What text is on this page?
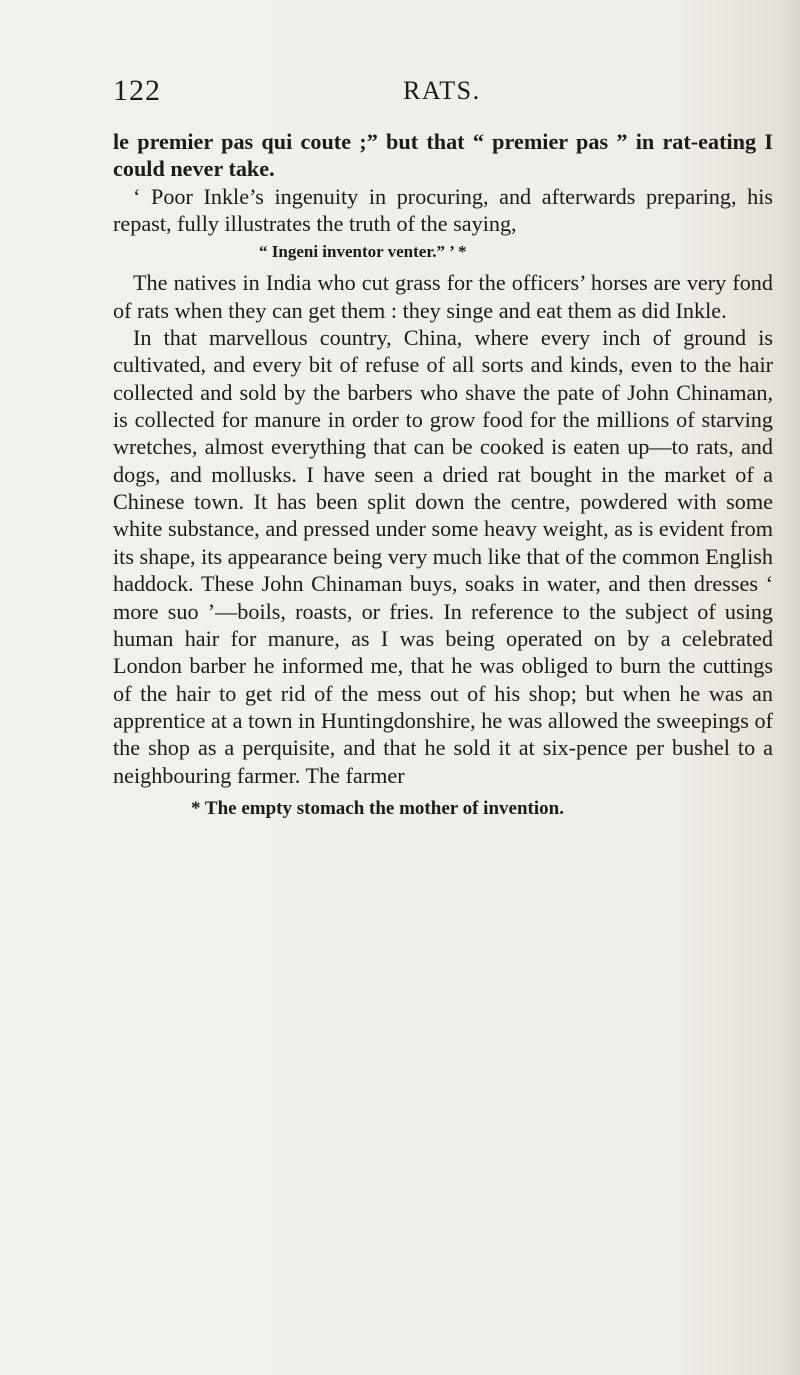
122	RATS.

le premier pas qui coute ;” but that “ premier pas ” in rat-eating I could never take.

‘ Poor Inkle’s ingenuity in procuring, and afterwards preparing, his repast, fully illustrates the truth of the saying,

“ Ingeni inventor venter.” ’ *

The natives in India who cut grass for the officers’ horses are very fond of rats when they can get them : they singe and eat them as did Inkle.

In that marvellous country, China, where every inch of ground is cultivated, and every bit of refuse of all sorts and kinds, even to the hair collected and sold by the barbers who shave the pate of John Chinaman, is collected for manure in order to grow food for the millions of starving wretches, almost everything that can be cooked is eaten up—to rats, and dogs, and mollusks. I have seen a dried rat bought in the market of a Chinese town. It has been split down the centre, powdered with some white substance, and pressed under some heavy weight, as is evident from its shape, its appearance being very much like that of the common English haddock. These John Chinaman buys, soaks in water, and then dresses ‘ more suo ’—boils, roasts, or fries. In reference to the subject of using human hair for manure, as I was being operated on by a celebrated London barber he informed me, that he was obliged to burn the cuttings of the hair to get rid of the mess out of his shop; but when he was an apprentice at a town in Huntingdonshire, he was allowed the sweepings of the shop as a perquisite, and that he sold it at six-pence per bushel to a neighbouring farmer. The farmer

* The empty stomach the mother of invention.
